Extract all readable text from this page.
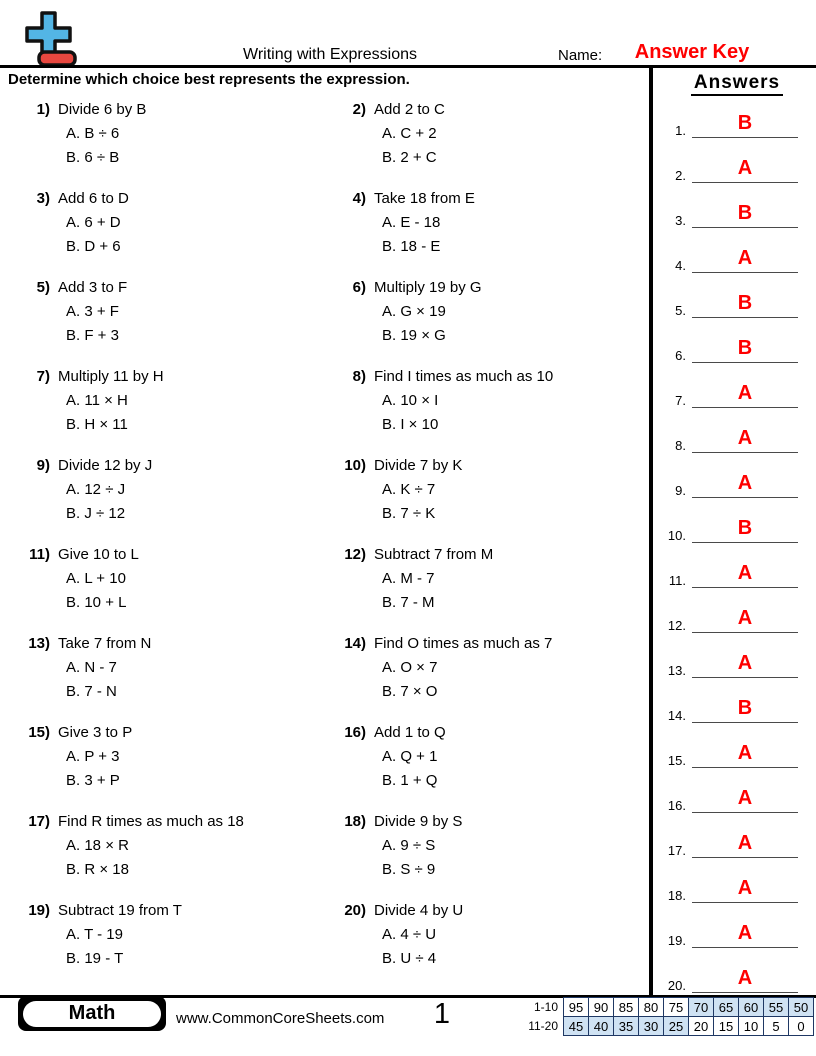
Writing with Expressions	Name:	Answer Key
Determine which choice best represents the expression.
1) Divide 6 by B
A. B ÷ 6
B. 6 ÷ B
2) Add 2 to C
A. C + 2
B. 2 + C
3) Add 6 to D
A. 6 + D
B. D + 6
4) Take 18 from E
A. E - 18
B. 18 - E
5) Add 3 to F
A. 3 + F
B. F + 3
6) Multiply 19 by G
A. G × 19
B. 19 × G
7) Multiply 11 by H
A. 11 × H
B. H × 11
8) Find I times as much as 10
A. 10 × I
B. I × 10
9) Divide 12 by J
A. 12 ÷ J
B. J ÷ 12
10) Divide 7 by K
A. K ÷ 7
B. 7 ÷ K
11) Give 10 to L
A. L + 10
B. 10 + L
12) Subtract 7 from M
A. M - 7
B. 7 - M
13) Take 7 from N
A. N - 7
B. 7 - N
14) Find O times as much as 7
A. O × 7
B. 7 × O
15) Give 3 to P
A. P + 3
B. 3 + P
16) Add 1 to Q
A. Q + 1
B. 1 + Q
17) Find R times as much as 18
A. 18 × R
B. R × 18
18) Divide 9 by S
A. 9 ÷ S
B. S ÷ 9
19) Subtract 19 from T
A. T - 19
B. 19 - T
20) Divide 4 by U
A. 4 ÷ U
B. U ÷ 4
Answers
1.	B
2.	A
3.	B
4.	A
5.	B
6.	B
7.	A
8.	A
9.	A
10.	B
11.	A
12.	A
13.	A
14.	B
15.	A
16.	A
17.	A
18.	A
19.	A
20.	A
Math	www.CommonCoreSheets.com	1	1-10	95	90	85	80	75	70	65	60	55	50
11-20	45	40	35	30	25	20	15	10	5	0
